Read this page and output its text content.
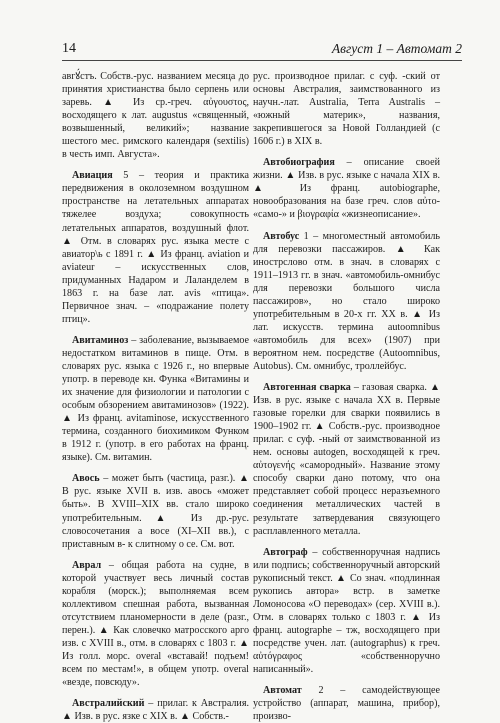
14	Август 1 – Автомат 2

авгꙋ́стъ. Собств.-рус. названием месяца до принятия христианства было серпень или заревь. ▲ Из ср.-греч. αὐγουστος, восходящего к лат. augustus «священный, возвышенный, великий»; название шестого мес. римского календаря (sextilis) в честь имп. Августа».

Авиация 5 – теория и практика передвижения в околоземном воздушном пространстве на летательных аппаратах тяжелее воздуха; совокупность летательных аппаратов, воздушный флот. ▲ Отм. в словарях рус. языка месте с авиатор\ь с 1891 г. ▲ Из франц. aviation и aviateur – искусственных слов, придуманных Надаром и Лаланделем в 1863 г. на базе лат. avis «птица». Первичное знач. – «подражание полету птиц».

Авитаминоз – заболевание, вызываемое недостатком витаминов в пище. Отм. в словарях рус. языка с 1926 г., но впервые употр. в переводе кн. Функа «Витамины и их значение для физиологии и патологии с особым обзорением авитаминозов» (1922). ▲ Из франц. avitaminose, искусственного термина, созданного биохимиком Функом в 1912 г. (употр. в его работах на франц. языке). См. витамин.

Авось – может быть (частица, разг.). ▲ В рус. языке XVII в. изв. авось «может быть». В XVIII–XIX вв. стало широко употребительным. ▲ Из др.-рус. словосочетания а восе (XI–XII вв.), с приставным в- к слитному о се. См. вот.

Аврал – общая работа на судне, в которой участвует весь личный состав корабля (морск.); выполняемая всем коллективом спешная работа, вызванная отсутствием планомерности в деле (разг., перен.). ▲ Как словечко матросского арго изв. с XVIII в., отм. в словарях с 1803 г. ▲ Из голл. морс. overal «вставай! подъем! всем по местам!», в общем употр. overal «везде, повсюду».

Австралийский – прилаг. к Австралия. ▲ Изв. в рус. язке с XIX в. ▲ Собств.-

рус. производное прилаг. с суф. -ский от основы Австралия, заимствованного из научн.-лат. Australia, Terra Australis – «южный материк», названия, закрепившегося за Новой Голландией (с 1606 г.) в XIX в.

Автобиография – описание своей жизни. ▲ Изв. в рус. языке с начала XIX в. ▲ Из франц. autobiographe, новообразования на базе греч. слов αὐτο- «само-» и βιογραφία «жизнеописание».

Автобус 1 – многоместный автомобиль для перевозки пассажиров. ▲ Как инострслово отм. в знач. в словарях с 1911–1913 гг. в знач. «автомобиль-омнибус для перевозки большого числа пассажиров», но стало широко употребительным в 20-х гг. XX в. ▲ Из лат. искусств. термина autoomnibus «автомобиль для всех» (1907) при вероятном нем. посредстве (Autoomnibus, Autobus). См. омнибус, троллейбус.

Автогенная сварка – газовая сварка. ▲ Изв. в рус. языке с начала XX в. Первые газовые горелки для сварки появились в 1900–1902 гг. ▲ Собств.-рус. производное прилаг. с суф. -ный от заимствованной из нем. основы autogen, восходящей к греч. αὐτογενής «самородный». Название этому способу сварки дано потому, что она представляет собой процесс неразъемного соединения металлических частей в результате затвердевания связующего расплавленного металла.

Автограф – собственноручная надпись или подпись; собственноручный авторский рукописный текст. ▲ Со знач. «подлинная рукопись автора» встр. в заметке Ломоносова «О переводах» (сер. XVIII в.). Отм. в словарях только с 1803 г. ▲ Из франц. autographe – тж, восходящего при посредстве учен. лат. (autographus) к греч. αὐτόγραφος «собственноручно написанный».

Автомат 2 – самодействующее устройство (аппарат, машина, прибор), произво-
